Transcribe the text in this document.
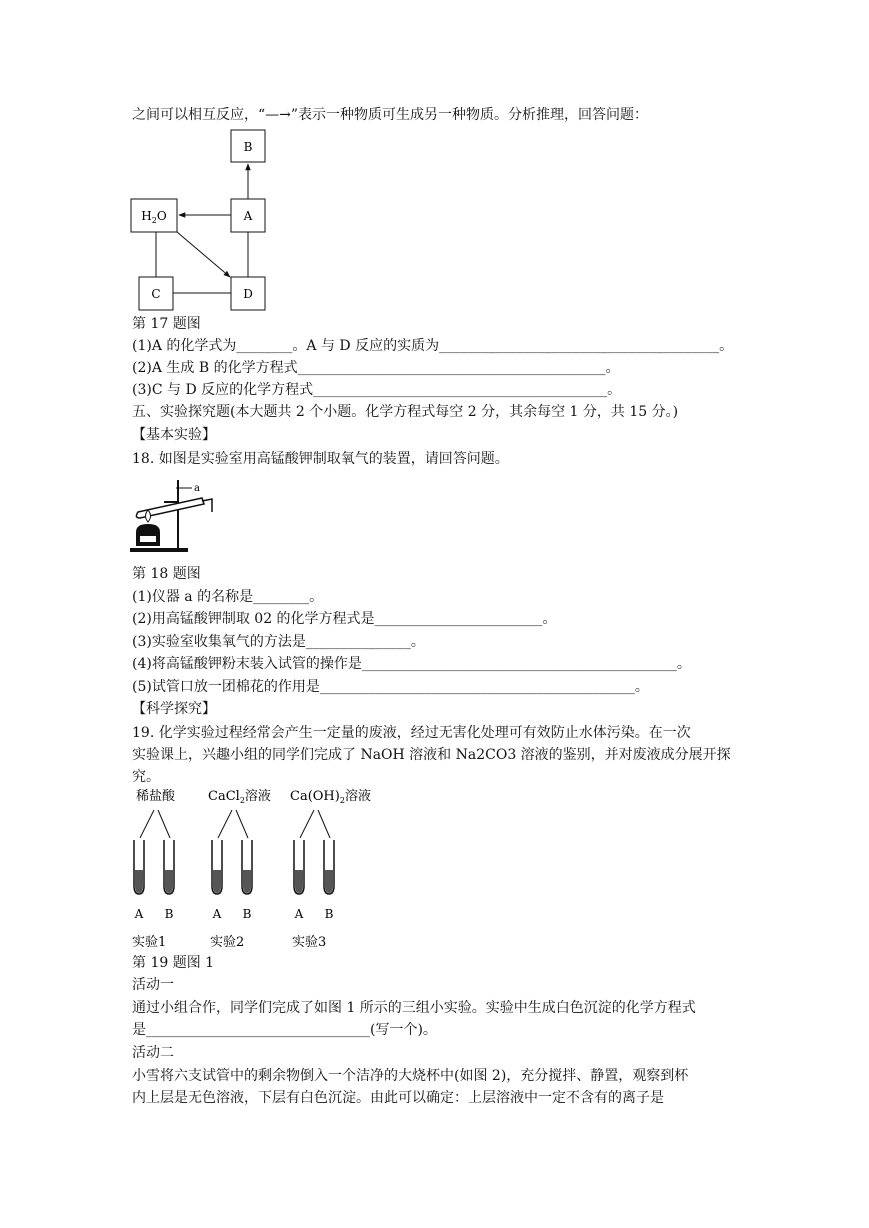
之间可以相互反应，“—→”表示一种物质可生成另一种物质。分析推理，回答问题：
B
A
$H_2O$
C	D
第 17 题图
(1)A 的化学式为________。A 与 D 反应的实质为________________________________________。
(2)A 生成 B 的化学方程式____________________________________________。
(3)C 与 D 反应的化学方程式__________________________________________。
五、实验探究题(本大题共 2 个小题。化学方程式每空 2 分，其余每空 1 分，共 15 分。)
【基本实验】
18. 如图是实验室用高锰酸钾制取氧气的装置，请回答问题。
a
第 18 题图
(1)仪器 a 的名称是________。
(2)用高锰酸钾制取 02 的化学方程式是________________________。
(3)实验室收集氧气的方法是_______________。
(4)将高锰酸钾粉末装入试管的操作是_____________________________________________。
(5)试管口放一团棉花的作用是_____________________________________________。
【科学探究】
19. 化学实验过程经常会产生一定量的废液，经过无害化处理可有效防止水体污染。在一次
实验课上，兴趣小组的同学们完成了 NaOH 溶液和 Na2CO3 溶液的鉴别，并对废液成分展开探
究。
稀盐酸	CaCl$_2$溶液 $Ca(OH)_2$溶液
A B	A B	A B
实验1	实验2	实验3
第 19 题图 1
活动一
通过小组合作，同学们完成了如图 1 所示的三组小实验。实验中生成白色沉淀的化学方程式
是________________________________(写一个)。
活动二
小雪将六支试管中的剩余物倒入一个洁净的大烧杯中(如图 2)，充分搅拌、静置，观察到杯
内上层是无色溶液，下层有白色沉淀。由此可以确定：上层溶液中一定不含有的离子是
